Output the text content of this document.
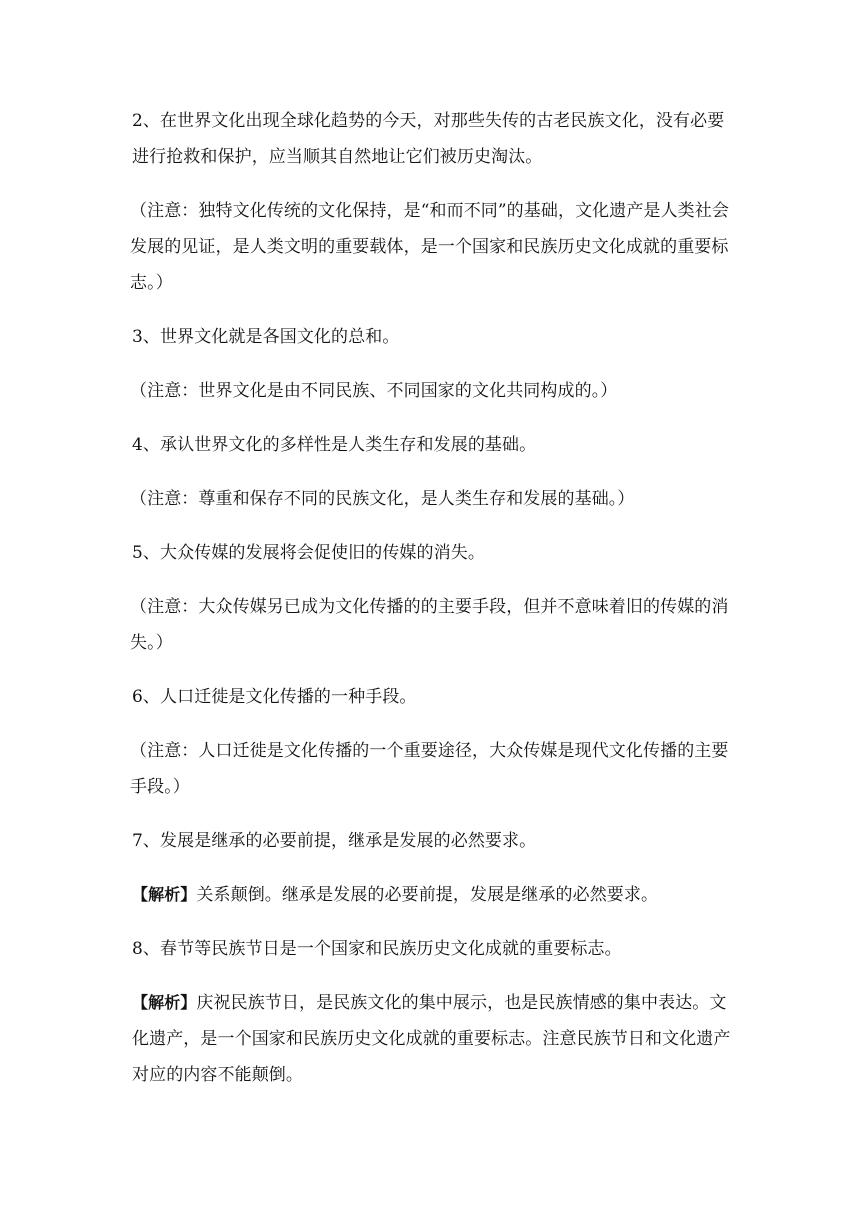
2、在世界文化出现全球化趋势的今天，对那些失传的古老民族文化，没有必要进行抢救和保护，应当顺其自然地让它们被历史淘汰。

（注意：独特文化传统的文化保持，是“和而不同”的基础，文化遗产是人类社会发展的见证，是人类文明的重要载体，是一个国家和民族历史文化成就的重要标志。）

3、世界文化就是各国文化的总和。

（注意：世界文化是由不同民族、不同国家的文化共同构成的。）

4、承认世界文化的多样性是人类生存和发展的基础。

（注意：尊重和保存不同的民族文化，是人类生存和发展的基础。）

5、大众传媒的发展将会促使旧的传媒的消失。

（注意：大众传媒另已成为文化传播的的主要手段，但并不意味着旧的传媒的消失。）

6、人口迁徙是文化传播的一种手段。

（注意：人口迁徙是文化传播的一个重要途径，大众传媒是现代文化传播的主要手段。）

7、发展是继承的必要前提，继承是发展的必然要求。

【解析】关系颠倒。继承是发展的必要前提，发展是继承的必然要求。

8、春节等民族节日是一个国家和民族历史文化成就的重要标志。

【解析】庆祝民族节日，是民族文化的集中展示，也是民族情感的集中表达。文化遗产，是一个国家和民族历史文化成就的重要标志。注意民族节日和文化遗产对应的内容不能颠倒。
